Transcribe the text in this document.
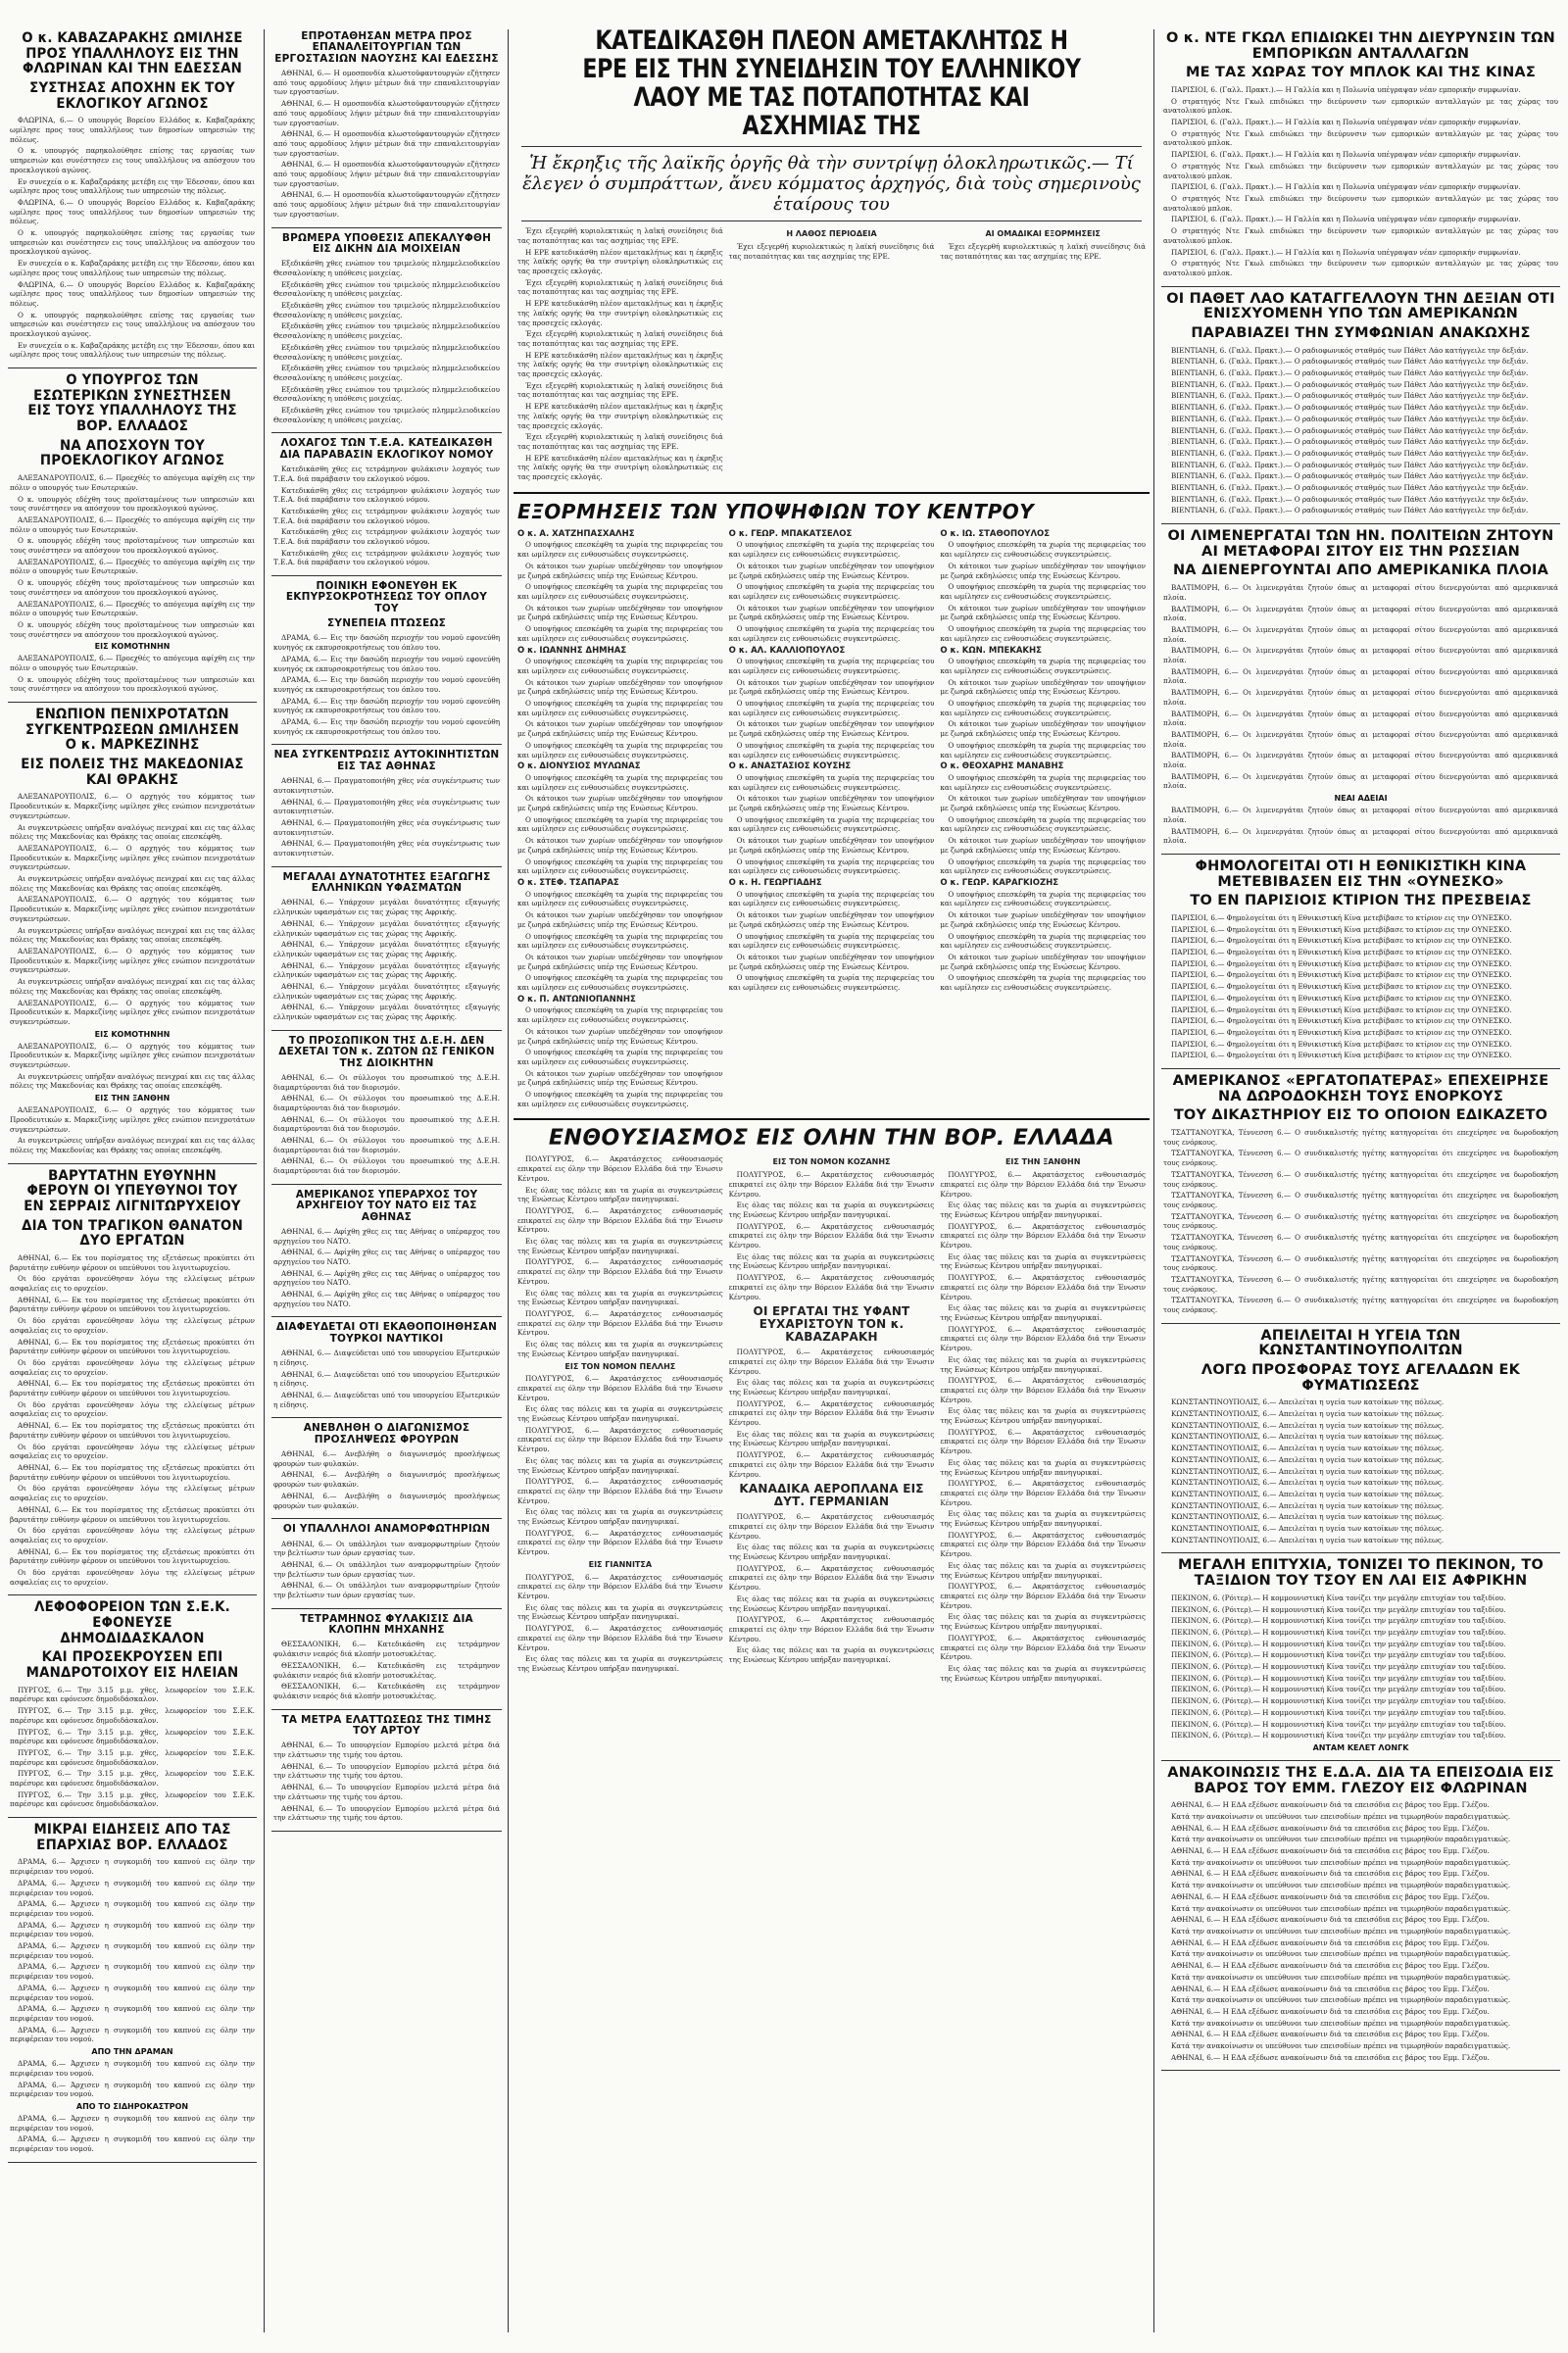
Ο κ. ΚΑΒΑΖΑΡΑΚΗΣ ΩΜΙΛΗΣΕ ΠΡΟΣ ΥΠΑΛΛΗΛΟΥΣ ΕΙΣ ΤΗΝ ΦΛΩΡΙΝΑΝ ΚΑΙ ΤΗΝ ΕΔΕΣΣΑΝ
ΣΥΣΤΗΣΑΣ ΑΠΟΧΗΝ ΕΚ ΤΟΥ ΕΚΛΟΓΙΚΟΥ ΑΓΩΝΟΣ

ΦΛΩΡΙΝΑ, 6.— Ο υπουργός Βορείου Ελλάδος κ. Καβαζαράκης ωμίλησε προς τους υπαλλήλους των δημοσίων υπηρεσιών της πόλεως.

Ο κ. υπουργός παρηκολούθησε επίσης τας εργασίας των υπηρεσιών και συνέστησεν εις τους υπαλλήλους να απόσχουν του προεκλογικού αγώνος.

Εν συνεχεία ο κ. Καβαζαράκης μετέβη εις την Έδεσσαν, όπου και ωμίλησε προς τους υπαλλήλους των υπηρεσιών της πόλεως.

ΦΛΩΡΙΝΑ, 6.— Ο υπουργός Βορείου Ελλάδος κ. Καβαζαράκης ωμίλησε προς τους υπαλλήλους των δημοσίων υπηρεσιών της πόλεως.

Ο κ. υπουργός παρηκολούθησε επίσης τας εργασίας των υπηρεσιών και συνέστησεν εις τους υπαλλήλους να απόσχουν του προεκλογικού αγώνος.

Εν συνεχεία ο κ. Καβαζαράκης μετέβη εις την Έδεσσαν, όπου και ωμίλησε προς τους υπαλλήλους των υπηρεσιών της πόλεως.

ΦΛΩΡΙΝΑ, 6.— Ο υπουργός Βορείου Ελλάδος κ. Καβαζαράκης ωμίλησε προς τους υπαλλήλους των δημοσίων υπηρεσιών της πόλεως.

Ο κ. υπουργός παρηκολούθησε επίσης τας εργασίας των υπηρεσιών και συνέστησεν εις τους υπαλλήλους να απόσχουν του προεκλογικού αγώνος.

Εν συνεχεία ο κ. Καβαζαράκης μετέβη εις την Έδεσσαν, όπου και ωμίλησε προς τους υπαλλήλους των υπηρεσιών της πόλεως.

Ο ΥΠΟΥΡΓΟΣ ΤΩΝ ΕΣΩΤΕΡΙΚΩΝ ΣΥΝΕΣΤΗΣΕΝ ΕΙΣ ΤΟΥΣ ΥΠΑΛΛΗΛΟΥΣ ΤΗΣ ΒΟΡ. ΕΛΛΑΔΟΣ
ΝΑ ΑΠΟΣΧΟΥΝ ΤΟΥ ΠΡΟΕΚΛΟΓΙΚΟΥ ΑΓΩΝΟΣ

ΑΛΕΞΑΝΔΡΟΥΠΟΛΙΣ, 6.— Προεχθές το απόγευμα αφίχθη εις την πόλιν ο υπουργός των Εσωτερικών.

Ο κ. υπουργός εδέχθη τους προϊσταμένους των υπηρεσιών και τους συνέστησεν να απόσχουν του προεκλογικού αγώνος.

ΑΛΕΞΑΝΔΡΟΥΠΟΛΙΣ, 6.— Προεχθές το απόγευμα αφίχθη εις την πόλιν ο υπουργός των Εσωτερικών.

Ο κ. υπουργός εδέχθη τους προϊσταμένους των υπηρεσιών και τους συνέστησεν να απόσχουν του προεκλογικού αγώνος.

ΑΛΕΞΑΝΔΡΟΥΠΟΛΙΣ, 6.— Προεχθές το απόγευμα αφίχθη εις την πόλιν ο υπουργός των Εσωτερικών.

Ο κ. υπουργός εδέχθη τους προϊσταμένους των υπηρεσιών και τους συνέστησεν να απόσχουν του προεκλογικού αγώνος.

ΑΛΕΞΑΝΔΡΟΥΠΟΛΙΣ, 6.— Προεχθές το απόγευμα αφίχθη εις την πόλιν ο υπουργός των Εσωτερικών.

Ο κ. υπουργός εδέχθη τους προϊσταμένους των υπηρεσιών και τους συνέστησεν να απόσχουν του προεκλογικού αγώνος.

ΕΙΣ ΚΟΜΟΤΗΝΗΝ

ΑΛΕΞΑΝΔΡΟΥΠΟΛΙΣ, 6.— Προεχθές το απόγευμα αφίχθη εις την πόλιν ο υπουργός των Εσωτερικών.

Ο κ. υπουργός εδέχθη τους προϊσταμένους των υπηρεσιών και τους συνέστησεν να απόσχουν του προεκλογικού αγώνος.

ΕΝΩΠΙΟΝ ΠΕΝΙΧΡΟΤΑΤΩΝ ΣΥΓΚΕΝΤΡΩΣΕΩΝ ΩΜΙΛΗΣΕΝ Ο κ. ΜΑΡΚΕΖΙΝΗΣ
ΕΙΣ ΠΟΛΕΙΣ ΤΗΣ ΜΑΚΕΔΟΝΙΑΣ ΚΑΙ ΘΡΑΚΗΣ

ΑΛΕΞΑΝΔΡΟΥΠΟΛΙΣ, 6.— Ο αρχηγός του κόμματος των Προοδευτικών κ. Μαρκεζίνης ωμίλησε χθες ενώπιον πενιχροτάτων συγκεντρώσεων.

Αι συγκεντρώσεις υπήρξαν αναλόγως πενιχραί και εις τας άλλας πόλεις της Μακεδονίας και Θράκης τας οποίας επεσκέφθη.

ΑΛΕΞΑΝΔΡΟΥΠΟΛΙΣ, 6.— Ο αρχηγός του κόμματος των Προοδευτικών κ. Μαρκεζίνης ωμίλησε χθες ενώπιον πενιχροτάτων συγκεντρώσεων.

Αι συγκεντρώσεις υπήρξαν αναλόγως πενιχραί και εις τας άλλας πόλεις της Μακεδονίας και Θράκης τας οποίας επεσκέφθη.

ΑΛΕΞΑΝΔΡΟΥΠΟΛΙΣ, 6.— Ο αρχηγός του κόμματος των Προοδευτικών κ. Μαρκεζίνης ωμίλησε χθες ενώπιον πενιχροτάτων συγκεντρώσεων.

Αι συγκεντρώσεις υπήρξαν αναλόγως πενιχραί και εις τας άλλας πόλεις της Μακεδονίας και Θράκης τας οποίας επεσκέφθη.

ΑΛΕΞΑΝΔΡΟΥΠΟΛΙΣ, 6.— Ο αρχηγός του κόμματος των Προοδευτικών κ. Μαρκεζίνης ωμίλησε χθες ενώπιον πενιχροτάτων συγκεντρώσεων.

Αι συγκεντρώσεις υπήρξαν αναλόγως πενιχραί και εις τας άλλας πόλεις της Μακεδονίας και Θράκης τας οποίας επεσκέφθη.

ΑΛΕΞΑΝΔΡΟΥΠΟΛΙΣ, 6.— Ο αρχηγός του κόμματος των Προοδευτικών κ. Μαρκεζίνης ωμίλησε χθες ενώπιον πενιχροτάτων συγκεντρώσεων.

ΕΙΣ ΚΟΜΟΤΗΝΗΝ

ΑΛΕΞΑΝΔΡΟΥΠΟΛΙΣ, 6.— Ο αρχηγός του κόμματος των Προοδευτικών κ. Μαρκεζίνης ωμίλησε χθες ενώπιον πενιχροτάτων συγκεντρώσεων.

Αι συγκεντρώσεις υπήρξαν αναλόγως πενιχραί και εις τας άλλας πόλεις της Μακεδονίας και Θράκης τας οποίας επεσκέφθη.

ΕΙΣ ΤΗΝ ΞΑΝΘΗΝ

ΑΛΕΞΑΝΔΡΟΥΠΟΛΙΣ, 6.— Ο αρχηγός του κόμματος των Προοδευτικών κ. Μαρκεζίνης ωμίλησε χθες ενώπιον πενιχροτάτων συγκεντρώσεων.

Αι συγκεντρώσεις υπήρξαν αναλόγως πενιχραί και εις τας άλλας πόλεις της Μακεδονίας και Θράκης τας οποίας επεσκέφθη.

ΒΑΡΥΤΑΤΗΝ ΕΥΘΥΝΗΝ ΦΕΡΟΥΝ ΟΙ ΥΠΕΥΘΥΝΟΙ ΤΟΥ ΕΝ ΣΕΡΡΑΙΣ ΛΙΓΝΙΤΩΡΥΧΕΙΟΥ
ΔΙΑ ΤΟΝ ΤΡΑΓΙΚΟΝ ΘΑΝΑΤΟΝ ΔΥΟ ΕΡΓΑΤΩΝ

ΑΘΗΝΑΙ, 6.— Εκ του πορίσματος της εξετάσεως προκύπτει ότι βαρυτάτην ευθύνην φέρουν οι υπεύθυνοι του λιγνιτωρυχείου.

Οι δύο εργάται εφονεύθησαν λόγω της ελλείψεως μέτρων ασφαλείας εις το ορυχείον.

ΑΘΗΝΑΙ, 6.— Εκ του πορίσματος της εξετάσεως προκύπτει ότι βαρυτάτην ευθύνην φέρουν οι υπεύθυνοι του λιγνιτωρυχείου.

Οι δύο εργάται εφονεύθησαν λόγω της ελλείψεως μέτρων ασφαλείας εις το ορυχείον.

ΑΘΗΝΑΙ, 6.— Εκ του πορίσματος της εξετάσεως προκύπτει ότι βαρυτάτην ευθύνην φέρουν οι υπεύθυνοι του λιγνιτωρυχείου.

Οι δύο εργάται εφονεύθησαν λόγω της ελλείψεως μέτρων ασφαλείας εις το ορυχείον.

ΑΘΗΝΑΙ, 6.— Εκ του πορίσματος της εξετάσεως προκύπτει ότι βαρυτάτην ευθύνην φέρουν οι υπεύθυνοι του λιγνιτωρυχείου.

Οι δύο εργάται εφονεύθησαν λόγω της ελλείψεως μέτρων ασφαλείας εις το ορυχείον.

ΑΘΗΝΑΙ, 6.— Εκ του πορίσματος της εξετάσεως προκύπτει ότι βαρυτάτην ευθύνην φέρουν οι υπεύθυνοι του λιγνιτωρυχείου.

Οι δύο εργάται εφονεύθησαν λόγω της ελλείψεως μέτρων ασφαλείας εις το ορυχείον.

ΑΘΗΝΑΙ, 6.— Εκ του πορίσματος της εξετάσεως προκύπτει ότι βαρυτάτην ευθύνην φέρουν οι υπεύθυνοι του λιγνιτωρυχείου.

Οι δύο εργάται εφονεύθησαν λόγω της ελλείψεως μέτρων ασφαλείας εις το ορυχείον.

ΑΘΗΝΑΙ, 6.— Εκ του πορίσματος της εξετάσεως προκύπτει ότι βαρυτάτην ευθύνην φέρουν οι υπεύθυνοι του λιγνιτωρυχείου.

Οι δύο εργάται εφονεύθησαν λόγω της ελλείψεως μέτρων ασφαλείας εις το ορυχείον.

ΑΘΗΝΑΙ, 6.— Εκ του πορίσματος της εξετάσεως προκύπτει ότι βαρυτάτην ευθύνην φέρουν οι υπεύθυνοι του λιγνιτωρυχείου.

Οι δύο εργάται εφονεύθησαν λόγω της ελλείψεως μέτρων ασφαλείας εις το ορυχείον.

ΛΕΦΟΦΟΡΕΙΟΝ ΤΩΝ Σ.Ε.Κ. ΕΦΟΝΕΥΣΕ ΔΗΜΟΔΙΔΑΣΚΑΛΟΝ
ΚΑΙ ΠΡΟΣΕΚΡΟΥΣΕΝ ΕΠΙ ΜΑΝΔΡΟΤΟΙΧΟΥ ΕΙΣ ΗΛΕΙΑΝ

ΠΥΡΓΟΣ, 6.— Την 3.15 μ.μ. χθες, λεωφορείον του Σ.Ε.Κ. παρέσυρε και εφόνευσε δημοδιδάσκαλον.

ΠΥΡΓΟΣ, 6.— Την 3.15 μ.μ. χθες, λεωφορείον του Σ.Ε.Κ. παρέσυρε και εφόνευσε δημοδιδάσκαλον.

ΠΥΡΓΟΣ, 6.— Την 3.15 μ.μ. χθες, λεωφορείον του Σ.Ε.Κ. παρέσυρε και εφόνευσε δημοδιδάσκαλον.

ΠΥΡΓΟΣ, 6.— Την 3.15 μ.μ. χθες, λεωφορείον του Σ.Ε.Κ. παρέσυρε και εφόνευσε δημοδιδάσκαλον.

ΠΥΡΓΟΣ, 6.— Την 3.15 μ.μ. χθες, λεωφορείον του Σ.Ε.Κ. παρέσυρε και εφόνευσε δημοδιδάσκαλον.

ΠΥΡΓΟΣ, 6.— Την 3.15 μ.μ. χθες, λεωφορείον του Σ.Ε.Κ. παρέσυρε και εφόνευσε δημοδιδάσκαλον.

ΜΙΚΡΑΙ ΕΙΔΗΣΕΙΣ ΑΠΟ ΤΑΣ ΕΠΑΡΧΙΑΣ ΒΟΡ. ΕΛΛΑΔΟΣ

ΔΡΑΜΑ, 6.— Άρχισεν η συγκομιδή του καπνού εις όλην την περιφέρειαν του νομού.

ΔΡΑΜΑ, 6.— Άρχισεν η συγκομιδή του καπνού εις όλην την περιφέρειαν του νομού.

ΔΡΑΜΑ, 6.— Άρχισεν η συγκομιδή του καπνού εις όλην την περιφέρειαν του νομού.

ΔΡΑΜΑ, 6.— Άρχισεν η συγκομιδή του καπνού εις όλην την περιφέρειαν του νομού.

ΔΡΑΜΑ, 6.— Άρχισεν η συγκομιδή του καπνού εις όλην την περιφέρειαν του νομού.

ΔΡΑΜΑ, 6.— Άρχισεν η συγκομιδή του καπνού εις όλην την περιφέρειαν του νομού.

ΔΡΑΜΑ, 6.— Άρχισεν η συγκομιδή του καπνού εις όλην την περιφέρειαν του νομού.

ΔΡΑΜΑ, 6.— Άρχισεν η συγκομιδή του καπνού εις όλην την περιφέρειαν του νομού.

ΔΡΑΜΑ, 6.— Άρχισεν η συγκομιδή του καπνού εις όλην την περιφέρειαν του νομού.

ΑΠΟ ΤΗΝ ΔΡΑΜΑΝ

ΔΡΑΜΑ, 6.— Άρχισεν η συγκομιδή του καπνού εις όλην την περιφέρειαν του νομού.

ΔΡΑΜΑ, 6.— Άρχισεν η συγκομιδή του καπνού εις όλην την περιφέρειαν του νομού.

ΑΠΟ ΤΟ ΣΙΔΗΡΟΚΑΣΤΡΟΝ

ΔΡΑΜΑ, 6.— Άρχισεν η συγκομιδή του καπνού εις όλην την περιφέρειαν του νομού.

ΔΡΑΜΑ, 6.— Άρχισεν η συγκομιδή του καπνού εις όλην την περιφέρειαν του νομού.

ΕΠΡΟΤΑΘΗΣΑΝ ΜΕΤΡΑ ΠΡΟΣ ΕΠΑΝΑΛΕΙΤΟΥΡΓΙΑΝ ΤΩΝ ΕΡΓΟΣΤΑΣΙΩΝ ΝΑΟΥΣΗΣ ΚΑΙ ΕΔΕΣΣΗΣ

ΑΘΗΝΑΙ, 6.— Η ομοσπονδία κλωστοϋφαντουργών εζήτησεν από τους αρμοδίους λήψιν μέτρων διά την επαναλειτουργίαν των εργοστασίων.

ΑΘΗΝΑΙ, 6.— Η ομοσπονδία κλωστοϋφαντουργών εζήτησεν από τους αρμοδίους λήψιν μέτρων διά την επαναλειτουργίαν των εργοστασίων.

ΑΘΗΝΑΙ, 6.— Η ομοσπονδία κλωστοϋφαντουργών εζήτησεν από τους αρμοδίους λήψιν μέτρων διά την επαναλειτουργίαν των εργοστασίων.

ΑΘΗΝΑΙ, 6.— Η ομοσπονδία κλωστοϋφαντουργών εζήτησεν από τους αρμοδίους λήψιν μέτρων διά την επαναλειτουργίαν των εργοστασίων.

ΑΘΗΝΑΙ, 6.— Η ομοσπονδία κλωστοϋφαντουργών εζήτησεν από τους αρμοδίους λήψιν μέτρων διά την επαναλειτουργίαν των εργοστασίων.

ΒΡΩΜΕΡΑ ΥΠΟΘΕΣΙΣ ΑΠΕΚΑΛΥΦΘΗ ΕΙΣ ΔΙΚΗΝ ΔΙΑ ΜΟΙΧΕΙΑΝ

Εξεδικάσθη χθες ενώπιον του τριμελούς πλημμελειοδικείου Θεσσαλονίκης η υπόθεσις μοιχείας.

Εξεδικάσθη χθες ενώπιον του τριμελούς πλημμελειοδικείου Θεσσαλονίκης η υπόθεσις μοιχείας.

Εξεδικάσθη χθες ενώπιον του τριμελούς πλημμελειοδικείου Θεσσαλονίκης η υπόθεσις μοιχείας.

Εξεδικάσθη χθες ενώπιον του τριμελούς πλημμελειοδικείου Θεσσαλονίκης η υπόθεσις μοιχείας.

Εξεδικάσθη χθες ενώπιον του τριμελούς πλημμελειοδικείου Θεσσαλονίκης η υπόθεσις μοιχείας.

Εξεδικάσθη χθες ενώπιον του τριμελούς πλημμελειοδικείου Θεσσαλονίκης η υπόθεσις μοιχείας.

Εξεδικάσθη χθες ενώπιον του τριμελούς πλημμελειοδικείου Θεσσαλονίκης η υπόθεσις μοιχείας.

Εξεδικάσθη χθες ενώπιον του τριμελούς πλημμελειοδικείου Θεσσαλονίκης η υπόθεσις μοιχείας.

ΛΟΧΑΓΟΣ ΤΩΝ Τ.Ε.Α. ΚΑΤΕΔΙΚΑΣΘΗ ΔΙΑ ΠΑΡΑΒΑΣΙΝ ΕΚΛΟΓΙΚΟΥ ΝΟΜΟΥ

Κατεδικάσθη χθες εις τετράμηνον φυλάκισιν λοχαγός των Τ.Ε.Α. διά παράβασιν του εκλογικού νόμου.

Κατεδικάσθη χθες εις τετράμηνον φυλάκισιν λοχαγός των Τ.Ε.Α. διά παράβασιν του εκλογικού νόμου.

Κατεδικάσθη χθες εις τετράμηνον φυλάκισιν λοχαγός των Τ.Ε.Α. διά παράβασιν του εκλογικού νόμου.

Κατεδικάσθη χθες εις τετράμηνον φυλάκισιν λοχαγός των Τ.Ε.Α. διά παράβασιν του εκλογικού νόμου.

Κατεδικάσθη χθες εις τετράμηνον φυλάκισιν λοχαγός των Τ.Ε.Α. διά παράβασιν του εκλογικού νόμου.

ΠΟΙΝΙΚΗ ΕΦΟΝΕΥΘΗ ΕΚ ΕΚΠΥΡΣΟΚΡΟΤΗΣΕΩΣ ΤΟΥ ΟΠΛΟΥ ΤΟΥ
ΣΥΝΕΠΕΙΑ ΠΤΩΣΕΩΣ

ΔΡΑΜΑ, 6.— Εις την δασώδη περιοχήν του νομού εφονεύθη κυνηγός εκ εκπυρσοκροτήσεως του όπλου του.

ΔΡΑΜΑ, 6.— Εις την δασώδη περιοχήν του νομού εφονεύθη κυνηγός εκ εκπυρσοκροτήσεως του όπλου του.

ΔΡΑΜΑ, 6.— Εις την δασώδη περιοχήν του νομού εφονεύθη κυνηγός εκ εκπυρσοκροτήσεως του όπλου του.

ΔΡΑΜΑ, 6.— Εις την δασώδη περιοχήν του νομού εφονεύθη κυνηγός εκ εκπυρσοκροτήσεως του όπλου του.

ΔΡΑΜΑ, 6.— Εις την δασώδη περιοχήν του νομού εφονεύθη κυνηγός εκ εκπυρσοκροτήσεως του όπλου του.

ΝΕΑ ΣΥΓΚΕΝΤΡΩΣΙΣ ΑΥΤΟΚΙΝΗΤΙΣΤΩΝ ΕΙΣ ΤΑΣ ΑΘΗΝΑΣ

ΑΘΗΝΑΙ, 6.— Πραγματοποιήθη χθες νέα συγκέντρωσις των αυτοκινητιστών.

ΑΘΗΝΑΙ, 6.— Πραγματοποιήθη χθες νέα συγκέντρωσις των αυτοκινητιστών.

ΑΘΗΝΑΙ, 6.— Πραγματοποιήθη χθες νέα συγκέντρωσις των αυτοκινητιστών.

ΑΘΗΝΑΙ, 6.— Πραγματοποιήθη χθες νέα συγκέντρωσις των αυτοκινητιστών.

ΜΕΓΑΛΑΙ ΔΥΝΑΤΟΤΗΤΕΣ ΕΞΑΓΩΓΗΣ ΕΛΛΗΝΙΚΩΝ ΥΦΑΣΜΑΤΩΝ

ΑΘΗΝΑΙ, 6.— Υπάρχουν μεγάλαι δυνατότητες εξαγωγής ελληνικών υφασμάτων εις τας χώρας της Αφρικής.

ΑΘΗΝΑΙ, 6.— Υπάρχουν μεγάλαι δυνατότητες εξαγωγής ελληνικών υφασμάτων εις τας χώρας της Αφρικής.

ΑΘΗΝΑΙ, 6.— Υπάρχουν μεγάλαι δυνατότητες εξαγωγής ελληνικών υφασμάτων εις τας χώρας της Αφρικής.

ΑΘΗΝΑΙ, 6.— Υπάρχουν μεγάλαι δυνατότητες εξαγωγής ελληνικών υφασμάτων εις τας χώρας της Αφρικής.

ΑΘΗΝΑΙ, 6.— Υπάρχουν μεγάλαι δυνατότητες εξαγωγής ελληνικών υφασμάτων εις τας χώρας της Αφρικής.

ΑΘΗΝΑΙ, 6.— Υπάρχουν μεγάλαι δυνατότητες εξαγωγής ελληνικών υφασμάτων εις τας χώρας της Αφρικής.

ΤΟ ΠΡΟΣΩΠΙΚΟΝ ΤΗΣ Δ.Ε.Η. ΔΕΝ ΔΕΧΕΤΑΙ ΤΟΝ κ. ΖΩΤΟΝ ΩΣ ΓΕΝΙΚΟΝ ΤΗΣ ΔΙΟΙΚΗΤΗΝ

ΑΘΗΝΑΙ, 6.— Οι σύλλογοι του προσωπικού της Δ.Ε.Η. διαμαρτύρονται διά τον διορισμόν.

ΑΘΗΝΑΙ, 6.— Οι σύλλογοι του προσωπικού της Δ.Ε.Η. διαμαρτύρονται διά τον διορισμόν.

ΑΘΗΝΑΙ, 6.— Οι σύλλογοι του προσωπικού της Δ.Ε.Η. διαμαρτύρονται διά τον διορισμόν.

ΑΘΗΝΑΙ, 6.— Οι σύλλογοι του προσωπικού της Δ.Ε.Η. διαμαρτύρονται διά τον διορισμόν.

ΑΘΗΝΑΙ, 6.— Οι σύλλογοι του προσωπικού της Δ.Ε.Η. διαμαρτύρονται διά τον διορισμόν.

ΑΜΕΡΙΚΑΝΟΣ ΥΠΕΡΑΡΧΟΣ ΤΟΥ ΑΡΧΗΓΕΙΟΥ ΤΟΥ ΝΑΤΟ ΕΙΣ ΤΑΣ ΑΘΗΝΑΣ

ΑΘΗΝΑΙ, 6.— Αφίχθη χθες εις τας Αθήνας ο υπέραρχος του αρχηγείου του ΝΑΤΟ.

ΑΘΗΝΑΙ, 6.— Αφίχθη χθες εις τας Αθήνας ο υπέραρχος του αρχηγείου του ΝΑΤΟ.

ΑΘΗΝΑΙ, 6.— Αφίχθη χθες εις τας Αθήνας ο υπέραρχος του αρχηγείου του ΝΑΤΟ.

ΑΘΗΝΑΙ, 6.— Αφίχθη χθες εις τας Αθήνας ο υπέραρχος του αρχηγείου του ΝΑΤΟ.

ΔΙΑΦΕΥΔΕΤΑΙ ΟΤΙ ΕΚΑΘΟΠΟΙΗΘΗΣΑΝ ΤΟΥΡΚΟΙ ΝΑΥΤΙΚΟΙ

ΑΘΗΝΑΙ, 6.— Διαψεύδεται υπό του υπουργείου Εξωτερικών η είδησις.

ΑΘΗΝΑΙ, 6.— Διαψεύδεται υπό του υπουργείου Εξωτερικών η είδησις.

ΑΘΗΝΑΙ, 6.— Διαψεύδεται υπό του υπουργείου Εξωτερικών η είδησις.

ΑΝΕΒΛΗΘΗ Ο ΔΙΑΓΩΝΙΣΜΟΣ ΠΡΟΣΛΗΨΕΩΣ ΦΡΟΥΡΩΝ

ΑΘΗΝΑΙ, 6.— Ανεβλήθη ο διαγωνισμός προσλήψεως φρουρών των φυλακών.

ΑΘΗΝΑΙ, 6.— Ανεβλήθη ο διαγωνισμός προσλήψεως φρουρών των φυλακών.

ΑΘΗΝΑΙ, 6.— Ανεβλήθη ο διαγωνισμός προσλήψεως φρουρών των φυλακών.

ΟΙ ΥΠΑΛΛΗΛΟΙ ΑΝΑΜΟΡΦΩΤΗΡΙΩΝ

ΑΘΗΝΑΙ, 6.— Οι υπάλληλοι των αναμορφωτηρίων ζητούν την βελτίωσιν των όρων εργασίας των.

ΑΘΗΝΑΙ, 6.— Οι υπάλληλοι των αναμορφωτηρίων ζητούν την βελτίωσιν των όρων εργασίας των.

ΑΘΗΝΑΙ, 6.— Οι υπάλληλοι των αναμορφωτηρίων ζητούν την βελτίωσιν των όρων εργασίας των.

ΤΕΤΡΑΜΗΝΟΣ ΦΥΛΑΚΙΣΙΣ ΔΙΑ ΚΛΟΠΗΝ ΜΗΧΑΝΗΣ

ΘΕΣΣΑΛΟΝΙΚΗ, 6.— Κατεδικάσθη εις τετράμηνον φυλάκισιν νεαρός διά κλοπήν μοτοσυκλέτας.

ΘΕΣΣΑΛΟΝΙΚΗ, 6.— Κατεδικάσθη εις τετράμηνον φυλάκισιν νεαρός διά κλοπήν μοτοσυκλέτας.

ΘΕΣΣΑΛΟΝΙΚΗ, 6.— Κατεδικάσθη εις τετράμηνον φυλάκισιν νεαρός διά κλοπήν μοτοσυκλέτας.

ΤΑ ΜΕΤΡΑ ΕΛΑΤΤΩΣΕΩΣ ΤΗΣ ΤΙΜΗΣ ΤΟΥ ΑΡΤΟΥ

ΑΘΗΝΑΙ, 6.— Το υπουργείον Εμπορίου μελετά μέτρα διά την ελάττωσιν της τιμής του άρτου.

ΑΘΗΝΑΙ, 6.— Το υπουργείον Εμπορίου μελετά μέτρα διά την ελάττωσιν της τιμής του άρτου.

ΑΘΗΝΑΙ, 6.— Το υπουργείον Εμπορίου μελετά μέτρα διά την ελάττωσιν της τιμής του άρτου.

ΑΘΗΝΑΙ, 6.— Το υπουργείον Εμπορίου μελετά μέτρα διά την ελάττωσιν της τιμής του άρτου.

ΚΑΤΕΔΙΚΑΣΘΗ ΠΛΕΟΝ ΑΜΕΤΑΚΛΗΤΩΣ Η ΕΡΕ ΕΙΣ ΤΗΝ ΣΥΝΕΙΔΗΣΙΝ ΤΟΥ ΕΛΛΗΝΙΚΟΥ ΛΑΟΥ ΜΕ ΤΑΣ ΠΟΤΑΠΟΤΗΤΑΣ ΚΑΙ ΑΣΧΗΜΙΑΣ ΤΗΣ
Ἡ ἔκρηξις τῆς λαϊκῆς ὀργῆς θὰ τὴν συντρίψῃ ὁλοκληρωτικῶς.— Τί ἔλεγεν ὁ συμπράττων, ἄνευ κόμματος ἀρχηγός, διὰ τοὺς σημερινοὺς ἑταίρους του

Έχει εξεγερθή κυριολεκτικώς η λαϊκή συνείδησις διά τας ποταπότητας και τας ασχημίας της ΕΡΕ.

Η ΕΡΕ κατεδικάσθη πλέον αμετακλήτως και η έκρηξις της λαϊκής οργής θα την συντρίψη ολοκληρωτικώς εις τας προσεχείς εκλογάς.

Έχει εξεγερθή κυριολεκτικώς η λαϊκή συνείδησις διά τας ποταπότητας και τας ασχημίας της ΕΡΕ.

Η ΕΡΕ κατεδικάσθη πλέον αμετακλήτως και η έκρηξις της λαϊκής οργής θα την συντρίψη ολοκληρωτικώς εις τας προσεχείς εκλογάς.

Έχει εξεγερθή κυριολεκτικώς η λαϊκή συνείδησις διά τας ποταπότητας και τας ασχημίας της ΕΡΕ.

Η ΕΡΕ κατεδικάσθη πλέον αμετακλήτως και η έκρηξις της λαϊκής οργής θα την συντρίψη ολοκληρωτικώς εις τας προσεχείς εκλογάς.

Έχει εξεγερθή κυριολεκτικώς η λαϊκή συνείδησις διά τας ποταπότητας και τας ασχημίας της ΕΡΕ.

Η ΕΡΕ κατεδικάσθη πλέον αμετακλήτως και η έκρηξις της λαϊκής οργής θα την συντρίψη ολοκληρωτικώς εις τας προσεχείς εκλογάς.

Έχει εξεγερθή κυριολεκτικώς η λαϊκή συνείδησις διά τας ποταπότητας και τας ασχημίας της ΕΡΕ.

Η ΕΡΕ κατεδικάσθη πλέον αμετακλήτως και η έκρηξις της λαϊκής οργής θα την συντρίψη ολοκληρωτικώς εις τας προσεχείς εκλογάς.

Η ΛΑΘΟΣ ΠΕΡΙΟΔΕΙΑ

Έχει εξεγερθή κυριολεκτικώς η λαϊκή συνείδησις διά τας ποταπότητας και τας ασχημίας της ΕΡΕ.

ΑΙ ΟΜΑΔΙΚΑΙ ΕΞΟΡΜΗΣΕΙΣ

Έχει εξεγερθή κυριολεκτικώς η λαϊκή συνείδησις διά τας ποταπότητας και τας ασχημίας της ΕΡΕ.

ΕΞΟΡΜΗΣΕΙΣ ΤΩΝ ΥΠΟΨΗΦΙΩΝ ΤΟΥ ΚΕΝΤΡΟΥ
Ο κ. Α. ΧΑΤΖΗΠΑΣΧΑΛΗΣ

Ο υποψήφιος επεσκέφθη τα χωρία της περιφερείας του και ωμίλησεν εις ενθουσιώδεις συγκεντρώσεις.

Οι κάτοικοι των χωρίων υπεδέχθησαν τον υποψήφιον με ζωηρά εκδηλώσεις υπέρ της Ενώσεως Κέντρου.

Ο υποψήφιος επεσκέφθη τα χωρία της περιφερείας του και ωμίλησεν εις ενθουσιώδεις συγκεντρώσεις.

Οι κάτοικοι των χωρίων υπεδέχθησαν τον υποψήφιον με ζωηρά εκδηλώσεις υπέρ της Ενώσεως Κέντρου.

Ο υποψήφιος επεσκέφθη τα χωρία της περιφερείας του και ωμίλησεν εις ενθουσιώδεις συγκεντρώσεις.

Ο κ. ΙΩΑΝΝΗΣ ΔΗΜΗΑΣ

Ο υποψήφιος επεσκέφθη τα χωρία της περιφερείας του και ωμίλησεν εις ενθουσιώδεις συγκεντρώσεις.

Οι κάτοικοι των χωρίων υπεδέχθησαν τον υποψήφιον με ζωηρά εκδηλώσεις υπέρ της Ενώσεως Κέντρου.

Ο υποψήφιος επεσκέφθη τα χωρία της περιφερείας του και ωμίλησεν εις ενθουσιώδεις συγκεντρώσεις.

Οι κάτοικοι των χωρίων υπεδέχθησαν τον υποψήφιον με ζωηρά εκδηλώσεις υπέρ της Ενώσεως Κέντρου.

Ο υποψήφιος επεσκέφθη τα χωρία της περιφερείας του και ωμίλησεν εις ενθουσιώδεις συγκεντρώσεις.

Ο κ. ΔΙΟΝΥΣΙΟΣ ΜΥΛΩΝΑΣ

Ο υποψήφιος επεσκέφθη τα χωρία της περιφερείας του και ωμίλησεν εις ενθουσιώδεις συγκεντρώσεις.

Οι κάτοικοι των χωρίων υπεδέχθησαν τον υποψήφιον με ζωηρά εκδηλώσεις υπέρ της Ενώσεως Κέντρου.

Ο υποψήφιος επεσκέφθη τα χωρία της περιφερείας του και ωμίλησεν εις ενθουσιώδεις συγκεντρώσεις.

Οι κάτοικοι των χωρίων υπεδέχθησαν τον υποψήφιον με ζωηρά εκδηλώσεις υπέρ της Ενώσεως Κέντρου.

Ο υποψήφιος επεσκέφθη τα χωρία της περιφερείας του και ωμίλησεν εις ενθουσιώδεις συγκεντρώσεις.

Ο κ. ΣΤΕΦ. ΤΣΑΠΑΡΑΣ

Ο υποψήφιος επεσκέφθη τα χωρία της περιφερείας του και ωμίλησεν εις ενθουσιώδεις συγκεντρώσεις.

Οι κάτοικοι των χωρίων υπεδέχθησαν τον υποψήφιον με ζωηρά εκδηλώσεις υπέρ της Ενώσεως Κέντρου.

Ο υποψήφιος επεσκέφθη τα χωρία της περιφερείας του και ωμίλησεν εις ενθουσιώδεις συγκεντρώσεις.

Οι κάτοικοι των χωρίων υπεδέχθησαν τον υποψήφιον με ζωηρά εκδηλώσεις υπέρ της Ενώσεως Κέντρου.

Ο υποψήφιος επεσκέφθη τα χωρία της περιφερείας του και ωμίλησεν εις ενθουσιώδεις συγκεντρώσεις.

Ο κ. Π. ΑΝΤΩΝΙΟΠΑΝΝΗΣ

Ο υποψήφιος επεσκέφθη τα χωρία της περιφερείας του και ωμίλησεν εις ενθουσιώδεις συγκεντρώσεις.

Οι κάτοικοι των χωρίων υπεδέχθησαν τον υποψήφιον με ζωηρά εκδηλώσεις υπέρ της Ενώσεως Κέντρου.

Ο υποψήφιος επεσκέφθη τα χωρία της περιφερείας του και ωμίλησεν εις ενθουσιώδεις συγκεντρώσεις.

Οι κάτοικοι των χωρίων υπεδέχθησαν τον υποψήφιον με ζωηρά εκδηλώσεις υπέρ της Ενώσεως Κέντρου.

Ο υποψήφιος επεσκέφθη τα χωρία της περιφερείας του και ωμίλησεν εις ενθουσιώδεις συγκεντρώσεις.

Ο κ. ΓΕΩΡ. ΜΠΑΚΑΤΣΕΛΟΣ

Ο υποψήφιος επεσκέφθη τα χωρία της περιφερείας του και ωμίλησεν εις ενθουσιώδεις συγκεντρώσεις.

Οι κάτοικοι των χωρίων υπεδέχθησαν τον υποψήφιον με ζωηρά εκδηλώσεις υπέρ της Ενώσεως Κέντρου.

Ο υποψήφιος επεσκέφθη τα χωρία της περιφερείας του και ωμίλησεν εις ενθουσιώδεις συγκεντρώσεις.

Οι κάτοικοι των χωρίων υπεδέχθησαν τον υποψήφιον με ζωηρά εκδηλώσεις υπέρ της Ενώσεως Κέντρου.

Ο υποψήφιος επεσκέφθη τα χωρία της περιφερείας του και ωμίλησεν εις ενθουσιώδεις συγκεντρώσεις.

Ο κ. ΑΛ. ΚΑΛΛΙΟΠΟΥΛΟΣ

Ο υποψήφιος επεσκέφθη τα χωρία της περιφερείας του και ωμίλησεν εις ενθουσιώδεις συγκεντρώσεις.

Οι κάτοικοι των χωρίων υπεδέχθησαν τον υποψήφιον με ζωηρά εκδηλώσεις υπέρ της Ενώσεως Κέντρου.

Ο υποψήφιος επεσκέφθη τα χωρία της περιφερείας του και ωμίλησεν εις ενθουσιώδεις συγκεντρώσεις.

Οι κάτοικοι των χωρίων υπεδέχθησαν τον υποψήφιον με ζωηρά εκδηλώσεις υπέρ της Ενώσεως Κέντρου.

Ο υποψήφιος επεσκέφθη τα χωρία της περιφερείας του και ωμίλησεν εις ενθουσιώδεις συγκεντρώσεις.

Ο κ. ΑΝΑΣΤΑΣΙΟΣ ΚΟΥΣΗΣ

Ο υποψήφιος επεσκέφθη τα χωρία της περιφερείας του και ωμίλησεν εις ενθουσιώδεις συγκεντρώσεις.

Οι κάτοικοι των χωρίων υπεδέχθησαν τον υποψήφιον με ζωηρά εκδηλώσεις υπέρ της Ενώσεως Κέντρου.

Ο υποψήφιος επεσκέφθη τα χωρία της περιφερείας του και ωμίλησεν εις ενθουσιώδεις συγκεντρώσεις.

Οι κάτοικοι των χωρίων υπεδέχθησαν τον υποψήφιον με ζωηρά εκδηλώσεις υπέρ της Ενώσεως Κέντρου.

Ο υποψήφιος επεσκέφθη τα χωρία της περιφερείας του και ωμίλησεν εις ενθουσιώδεις συγκεντρώσεις.

Ο κ. Η. ΓΕΩΡΓΙΑΔΗΣ

Ο υποψήφιος επεσκέφθη τα χωρία της περιφερείας του και ωμίλησεν εις ενθουσιώδεις συγκεντρώσεις.

Οι κάτοικοι των χωρίων υπεδέχθησαν τον υποψήφιον με ζωηρά εκδηλώσεις υπέρ της Ενώσεως Κέντρου.

Ο υποψήφιος επεσκέφθη τα χωρία της περιφερείας του και ωμίλησεν εις ενθουσιώδεις συγκεντρώσεις.

Οι κάτοικοι των χωρίων υπεδέχθησαν τον υποψήφιον με ζωηρά εκδηλώσεις υπέρ της Ενώσεως Κέντρου.

Ο υποψήφιος επεσκέφθη τα χωρία της περιφερείας του και ωμίλησεν εις ενθουσιώδεις συγκεντρώσεις.

Ο κ. ΙΩ. ΣΤΑΘΟΠΟΥΛΟΣ

Ο υποψήφιος επεσκέφθη τα χωρία της περιφερείας του και ωμίλησεν εις ενθουσιώδεις συγκεντρώσεις.

Οι κάτοικοι των χωρίων υπεδέχθησαν τον υποψήφιον με ζωηρά εκδηλώσεις υπέρ της Ενώσεως Κέντρου.

Ο υποψήφιος επεσκέφθη τα χωρία της περιφερείας του και ωμίλησεν εις ενθουσιώδεις συγκεντρώσεις.

Οι κάτοικοι των χωρίων υπεδέχθησαν τον υποψήφιον με ζωηρά εκδηλώσεις υπέρ της Ενώσεως Κέντρου.

Ο υποψήφιος επεσκέφθη τα χωρία της περιφερείας του και ωμίλησεν εις ενθουσιώδεις συγκεντρώσεις.

Ο κ. ΚΩΝ. ΜΠΕΚΑΚΗΣ

Ο υποψήφιος επεσκέφθη τα χωρία της περιφερείας του και ωμίλησεν εις ενθουσιώδεις συγκεντρώσεις.

Οι κάτοικοι των χωρίων υπεδέχθησαν τον υποψήφιον με ζωηρά εκδηλώσεις υπέρ της Ενώσεως Κέντρου.

Ο υποψήφιος επεσκέφθη τα χωρία της περιφερείας του και ωμίλησεν εις ενθουσιώδεις συγκεντρώσεις.

Οι κάτοικοι των χωρίων υπεδέχθησαν τον υποψήφιον με ζωηρά εκδηλώσεις υπέρ της Ενώσεως Κέντρου.

Ο υποψήφιος επεσκέφθη τα χωρία της περιφερείας του και ωμίλησεν εις ενθουσιώδεις συγκεντρώσεις.

Ο κ. ΘΕΟΧΑΡΗΣ ΜΑΝΑΒΗΣ

Ο υποψήφιος επεσκέφθη τα χωρία της περιφερείας του και ωμίλησεν εις ενθουσιώδεις συγκεντρώσεις.

Οι κάτοικοι των χωρίων υπεδέχθησαν τον υποψήφιον με ζωηρά εκδηλώσεις υπέρ της Ενώσεως Κέντρου.

Ο υποψήφιος επεσκέφθη τα χωρία της περιφερείας του και ωμίλησεν εις ενθουσιώδεις συγκεντρώσεις.

Οι κάτοικοι των χωρίων υπεδέχθησαν τον υποψήφιον με ζωηρά εκδηλώσεις υπέρ της Ενώσεως Κέντρου.

Ο υποψήφιος επεσκέφθη τα χωρία της περιφερείας του και ωμίλησεν εις ενθουσιώδεις συγκεντρώσεις.

Ο κ. ΓΕΩΡ. ΚΑΡΑΓΚΙΟΖΗΣ

Ο υποψήφιος επεσκέφθη τα χωρία της περιφερείας του και ωμίλησεν εις ενθουσιώδεις συγκεντρώσεις.

Οι κάτοικοι των χωρίων υπεδέχθησαν τον υποψήφιον με ζωηρά εκδηλώσεις υπέρ της Ενώσεως Κέντρου.

Ο υποψήφιος επεσκέφθη τα χωρία της περιφερείας του και ωμίλησεν εις ενθουσιώδεις συγκεντρώσεις.

Οι κάτοικοι των χωρίων υπεδέχθησαν τον υποψήφιον με ζωηρά εκδηλώσεις υπέρ της Ενώσεως Κέντρου.

Ο υποψήφιος επεσκέφθη τα χωρία της περιφερείας του και ωμίλησεν εις ενθουσιώδεις συγκεντρώσεις.

ΕΝΘΟΥΣΙΑΣΜΟΣ ΕΙΣ ΟΛΗΝ ΤΗΝ ΒΟΡ. ΕΛΛΑΔΑ

ΠΟΛΥΓΥΡΟΣ, 6.— Ακρατάσχετος ενθουσιασμός επικρατεί εις όλην την Βόρειον Ελλάδα διά την Ένωσιν Κέντρου.

Εις όλας τας πόλεις και τα χωρία αι συγκεντρώσεις της Ενώσεως Κέντρου υπήρξαν πανηγυρικαί.

ΠΟΛΥΓΥΡΟΣ, 6.— Ακρατάσχετος ενθουσιασμός επικρατεί εις όλην την Βόρειον Ελλάδα διά την Ένωσιν Κέντρου.

Εις όλας τας πόλεις και τα χωρία αι συγκεντρώσεις της Ενώσεως Κέντρου υπήρξαν πανηγυρικαί.

ΠΟΛΥΓΥΡΟΣ, 6.— Ακρατάσχετος ενθουσιασμός επικρατεί εις όλην την Βόρειον Ελλάδα διά την Ένωσιν Κέντρου.

Εις όλας τας πόλεις και τα χωρία αι συγκεντρώσεις της Ενώσεως Κέντρου υπήρξαν πανηγυρικαί.

ΠΟΛΥΓΥΡΟΣ, 6.— Ακρατάσχετος ενθουσιασμός επικρατεί εις όλην την Βόρειον Ελλάδα διά την Ένωσιν Κέντρου.

Εις όλας τας πόλεις και τα χωρία αι συγκεντρώσεις της Ενώσεως Κέντρου υπήρξαν πανηγυρικαί.

ΕΙΣ ΤΟΝ ΝΟΜΟΝ ΠΕΛΛΗΣ

ΠΟΛΥΓΥΡΟΣ, 6.— Ακρατάσχετος ενθουσιασμός επικρατεί εις όλην την Βόρειον Ελλάδα διά την Ένωσιν Κέντρου.

Εις όλας τας πόλεις και τα χωρία αι συγκεντρώσεις της Ενώσεως Κέντρου υπήρξαν πανηγυρικαί.

ΠΟΛΥΓΥΡΟΣ, 6.— Ακρατάσχετος ενθουσιασμός επικρατεί εις όλην την Βόρειον Ελλάδα διά την Ένωσιν Κέντρου.

Εις όλας τας πόλεις και τα χωρία αι συγκεντρώσεις της Ενώσεως Κέντρου υπήρξαν πανηγυρικαί.

ΠΟΛΥΓΥΡΟΣ, 6.— Ακρατάσχετος ενθουσιασμός επικρατεί εις όλην την Βόρειον Ελλάδα διά την Ένωσιν Κέντρου.

Εις όλας τας πόλεις και τα χωρία αι συγκεντρώσεις της Ενώσεως Κέντρου υπήρξαν πανηγυρικαί.

ΠΟΛΥΓΥΡΟΣ, 6.— Ακρατάσχετος ενθουσιασμός επικρατεί εις όλην την Βόρειον Ελλάδα διά την Ένωσιν Κέντρου.

ΕΙΣ ΓΙΑΝΝΙΤΣΑ

ΠΟΛΥΓΥΡΟΣ, 6.— Ακρατάσχετος ενθουσιασμός επικρατεί εις όλην την Βόρειον Ελλάδα διά την Ένωσιν Κέντρου.

Εις όλας τας πόλεις και τα χωρία αι συγκεντρώσεις της Ενώσεως Κέντρου υπήρξαν πανηγυρικαί.

ΠΟΛΥΓΥΡΟΣ, 6.— Ακρατάσχετος ενθουσιασμός επικρατεί εις όλην την Βόρειον Ελλάδα διά την Ένωσιν Κέντρου.

Εις όλας τας πόλεις και τα χωρία αι συγκεντρώσεις της Ενώσεως Κέντρου υπήρξαν πανηγυρικαί.

ΕΙΣ ΤΟΝ ΝΟΜΟΝ ΚΟΖΑΝΗΣ

ΠΟΛΥΓΥΡΟΣ, 6.— Ακρατάσχετος ενθουσιασμός επικρατεί εις όλην την Βόρειον Ελλάδα διά την Ένωσιν Κέντρου.

Εις όλας τας πόλεις και τα χωρία αι συγκεντρώσεις της Ενώσεως Κέντρου υπήρξαν πανηγυρικαί.

ΠΟΛΥΓΥΡΟΣ, 6.— Ακρατάσχετος ενθουσιασμός επικρατεί εις όλην την Βόρειον Ελλάδα διά την Ένωσιν Κέντρου.

Εις όλας τας πόλεις και τα χωρία αι συγκεντρώσεις της Ενώσεως Κέντρου υπήρξαν πανηγυρικαί.

ΠΟΛΥΓΥΡΟΣ, 6.— Ακρατάσχετος ενθουσιασμός επικρατεί εις όλην την Βόρειον Ελλάδα διά την Ένωσιν Κέντρου.

ΟΙ ΕΡΓΑΤΑΙ ΤΗΣ ΥΦΑΝΤ ΕΥΧΑΡΙΣΤΟΥΝ ΤΟΝ κ. ΚΑΒΑΖΑΡΑΚΗ

ΠΟΛΥΓΥΡΟΣ, 6.— Ακρατάσχετος ενθουσιασμός επικρατεί εις όλην την Βόρειον Ελλάδα διά την Ένωσιν Κέντρου.

Εις όλας τας πόλεις και τα χωρία αι συγκεντρώσεις της Ενώσεως Κέντρου υπήρξαν πανηγυρικαί.

ΠΟΛΥΓΥΡΟΣ, 6.— Ακρατάσχετος ενθουσιασμός επικρατεί εις όλην την Βόρειον Ελλάδα διά την Ένωσιν Κέντρου.

Εις όλας τας πόλεις και τα χωρία αι συγκεντρώσεις της Ενώσεως Κέντρου υπήρξαν πανηγυρικαί.

ΠΟΛΥΓΥΡΟΣ, 6.— Ακρατάσχετος ενθουσιασμός επικρατεί εις όλην την Βόρειον Ελλάδα διά την Ένωσιν Κέντρου.

ΚΑΝΑΔΙΚΑ ΑΕΡΟΠΛΑΝΑ ΕΙΣ ΔΥΤ. ΓΕΡΜΑΝΙΑΝ

ΠΟΛΥΓΥΡΟΣ, 6.— Ακρατάσχετος ενθουσιασμός επικρατεί εις όλην την Βόρειον Ελλάδα διά την Ένωσιν Κέντρου.

Εις όλας τας πόλεις και τα χωρία αι συγκεντρώσεις της Ενώσεως Κέντρου υπήρξαν πανηγυρικαί.

ΠΟΛΥΓΥΡΟΣ, 6.— Ακρατάσχετος ενθουσιασμός επικρατεί εις όλην την Βόρειον Ελλάδα διά την Ένωσιν Κέντρου.

Εις όλας τας πόλεις και τα χωρία αι συγκεντρώσεις της Ενώσεως Κέντρου υπήρξαν πανηγυρικαί.

ΠΟΛΥΓΥΡΟΣ, 6.— Ακρατάσχετος ενθουσιασμός επικρατεί εις όλην την Βόρειον Ελλάδα διά την Ένωσιν Κέντρου.

Εις όλας τας πόλεις και τα χωρία αι συγκεντρώσεις της Ενώσεως Κέντρου υπήρξαν πανηγυρικαί.

ΕΙΣ ΤΗΝ ΞΑΝΘΗΝ

ΠΟΛΥΓΥΡΟΣ, 6.— Ακρατάσχετος ενθουσιασμός επικρατεί εις όλην την Βόρειον Ελλάδα διά την Ένωσιν Κέντρου.

Εις όλας τας πόλεις και τα χωρία αι συγκεντρώσεις της Ενώσεως Κέντρου υπήρξαν πανηγυρικαί.

ΠΟΛΥΓΥΡΟΣ, 6.— Ακρατάσχετος ενθουσιασμός επικρατεί εις όλην την Βόρειον Ελλάδα διά την Ένωσιν Κέντρου.

Εις όλας τας πόλεις και τα χωρία αι συγκεντρώσεις της Ενώσεως Κέντρου υπήρξαν πανηγυρικαί.

ΠΟΛΥΓΥΡΟΣ, 6.— Ακρατάσχετος ενθουσιασμός επικρατεί εις όλην την Βόρειον Ελλάδα διά την Ένωσιν Κέντρου.

Εις όλας τας πόλεις και τα χωρία αι συγκεντρώσεις της Ενώσεως Κέντρου υπήρξαν πανηγυρικαί.

ΠΟΛΥΓΥΡΟΣ, 6.— Ακρατάσχετος ενθουσιασμός επικρατεί εις όλην την Βόρειον Ελλάδα διά την Ένωσιν Κέντρου.

Εις όλας τας πόλεις και τα χωρία αι συγκεντρώσεις της Ενώσεως Κέντρου υπήρξαν πανηγυρικαί.

ΠΟΛΥΓΥΡΟΣ, 6.— Ακρατάσχετος ενθουσιασμός επικρατεί εις όλην την Βόρειον Ελλάδα διά την Ένωσιν Κέντρου.

Εις όλας τας πόλεις και τα χωρία αι συγκεντρώσεις της Ενώσεως Κέντρου υπήρξαν πανηγυρικαί.

ΠΟΛΥΓΥΡΟΣ, 6.— Ακρατάσχετος ενθουσιασμός επικρατεί εις όλην την Βόρειον Ελλάδα διά την Ένωσιν Κέντρου.

Εις όλας τας πόλεις και τα χωρία αι συγκεντρώσεις της Ενώσεως Κέντρου υπήρξαν πανηγυρικαί.

ΠΟΛΥΓΥΡΟΣ, 6.— Ακρατάσχετος ενθουσιασμός επικρατεί εις όλην την Βόρειον Ελλάδα διά την Ένωσιν Κέντρου.

Εις όλας τας πόλεις και τα χωρία αι συγκεντρώσεις της Ενώσεως Κέντρου υπήρξαν πανηγυρικαί.

ΠΟΛΥΓΥΡΟΣ, 6.— Ακρατάσχετος ενθουσιασμός επικρατεί εις όλην την Βόρειον Ελλάδα διά την Ένωσιν Κέντρου.

Εις όλας τας πόλεις και τα χωρία αι συγκεντρώσεις της Ενώσεως Κέντρου υπήρξαν πανηγυρικαί.

ΠΟΛΥΓΥΡΟΣ, 6.— Ακρατάσχετος ενθουσιασμός επικρατεί εις όλην την Βόρειον Ελλάδα διά την Ένωσιν Κέντρου.

Εις όλας τας πόλεις και τα χωρία αι συγκεντρώσεις της Ενώσεως Κέντρου υπήρξαν πανηγυρικαί.

ΠΟΛΥΓΥΡΟΣ, 6.— Ακρατάσχετος ενθουσιασμός επικρατεί εις όλην την Βόρειον Ελλάδα διά την Ένωσιν Κέντρου.

Εις όλας τας πόλεις και τα χωρία αι συγκεντρώσεις της Ενώσεως Κέντρου υπήρξαν πανηγυρικαί.

Ο κ. ΝΤΕ ΓΚΩΛ ΕΠΙΔΙΩΚΕΙ ΤΗΝ ΔΙΕΥΡΥΝΣΙΝ ΤΩΝ ΕΜΠΟΡΙΚΩΝ ΑΝΤΑΛΛΑΓΩΝ
ΜΕ ΤΑΣ ΧΩΡΑΣ ΤΟΥ ΜΠΛΟΚ ΚΑΙ ΤΗΣ ΚΙΝΑΣ

ΠΑΡΙΣΙΟΙ, 6. (Γαλλ. Πρακτ.).— Η Γαλλία και η Πολωνία υπέγραψαν νέαν εμπορικήν συμφωνίαν.

Ο στρατηγός Ντε Γκωλ επιδιώκει την διεύρυνσιν των εμπορικών ανταλλαγών με τας χώρας του ανατολικού μπλοκ.

ΠΑΡΙΣΙΟΙ, 6. (Γαλλ. Πρακτ.).— Η Γαλλία και η Πολωνία υπέγραψαν νέαν εμπορικήν συμφωνίαν.

Ο στρατηγός Ντε Γκωλ επιδιώκει την διεύρυνσιν των εμπορικών ανταλλαγών με τας χώρας του ανατολικού μπλοκ.

ΠΑΡΙΣΙΟΙ, 6. (Γαλλ. Πρακτ.).— Η Γαλλία και η Πολωνία υπέγραψαν νέαν εμπορικήν συμφωνίαν.

Ο στρατηγός Ντε Γκωλ επιδιώκει την διεύρυνσιν των εμπορικών ανταλλαγών με τας χώρας του ανατολικού μπλοκ.

ΠΑΡΙΣΙΟΙ, 6. (Γαλλ. Πρακτ.).— Η Γαλλία και η Πολωνία υπέγραψαν νέαν εμπορικήν συμφωνίαν.

Ο στρατηγός Ντε Γκωλ επιδιώκει την διεύρυνσιν των εμπορικών ανταλλαγών με τας χώρας του ανατολικού μπλοκ.

ΠΑΡΙΣΙΟΙ, 6. (Γαλλ. Πρακτ.).— Η Γαλλία και η Πολωνία υπέγραψαν νέαν εμπορικήν συμφωνίαν.

Ο στρατηγός Ντε Γκωλ επιδιώκει την διεύρυνσιν των εμπορικών ανταλλαγών με τας χώρας του ανατολικού μπλοκ.

ΠΑΡΙΣΙΟΙ, 6. (Γαλλ. Πρακτ.).— Η Γαλλία και η Πολωνία υπέγραψαν νέαν εμπορικήν συμφωνίαν.

Ο στρατηγός Ντε Γκωλ επιδιώκει την διεύρυνσιν των εμπορικών ανταλλαγών με τας χώρας του ανατολικού μπλοκ.

ΟΙ ΠΑΘΕΤ ΛΑΟ ΚΑΤΑΓΓΕΛΛΟΥΝ ΤΗΝ ΔΕΞΙΑΝ ΟΤΙ ΕΝΙΣΧΥΟΜΕΝΗ ΥΠΟ ΤΩΝ ΑΜΕΡΙΚΑΝΩΝ
ΠΑΡΑΒΙΑΖΕΙ ΤΗΝ ΣΥΜΦΩΝΙΑΝ ΑΝΑΚΩΧΗΣ

ΒΙΕΝΤΙΑΝΗ, 6. (Γαλλ. Πρακτ.).— Ο ραδιοφωνικός σταθμός των Πάθετ Λάο κατήγγειλε την δεξιάν.

ΒΙΕΝΤΙΑΝΗ, 6. (Γαλλ. Πρακτ.).— Ο ραδιοφωνικός σταθμός των Πάθετ Λάο κατήγγειλε την δεξιάν.

ΒΙΕΝΤΙΑΝΗ, 6. (Γαλλ. Πρακτ.).— Ο ραδιοφωνικός σταθμός των Πάθετ Λάο κατήγγειλε την δεξιάν.

ΒΙΕΝΤΙΑΝΗ, 6. (Γαλλ. Πρακτ.).— Ο ραδιοφωνικός σταθμός των Πάθετ Λάο κατήγγειλε την δεξιάν.

ΒΙΕΝΤΙΑΝΗ, 6. (Γαλλ. Πρακτ.).— Ο ραδιοφωνικός σταθμός των Πάθετ Λάο κατήγγειλε την δεξιάν.

ΒΙΕΝΤΙΑΝΗ, 6. (Γαλλ. Πρακτ.).— Ο ραδιοφωνικός σταθμός των Πάθετ Λάο κατήγγειλε την δεξιάν.

ΒΙΕΝΤΙΑΝΗ, 6. (Γαλλ. Πρακτ.).— Ο ραδιοφωνικός σταθμός των Πάθετ Λάο κατήγγειλε την δεξιάν.

ΒΙΕΝΤΙΑΝΗ, 6. (Γαλλ. Πρακτ.).— Ο ραδιοφωνικός σταθμός των Πάθετ Λάο κατήγγειλε την δεξιάν.

ΒΙΕΝΤΙΑΝΗ, 6. (Γαλλ. Πρακτ.).— Ο ραδιοφωνικός σταθμός των Πάθετ Λάο κατήγγειλε την δεξιάν.

ΒΙΕΝΤΙΑΝΗ, 6. (Γαλλ. Πρακτ.).— Ο ραδιοφωνικός σταθμός των Πάθετ Λάο κατήγγειλε την δεξιάν.

ΒΙΕΝΤΙΑΝΗ, 6. (Γαλλ. Πρακτ.).— Ο ραδιοφωνικός σταθμός των Πάθετ Λάο κατήγγειλε την δεξιάν.

ΒΙΕΝΤΙΑΝΗ, 6. (Γαλλ. Πρακτ.).— Ο ραδιοφωνικός σταθμός των Πάθετ Λάο κατήγγειλε την δεξιάν.

ΒΙΕΝΤΙΑΝΗ, 6. (Γαλλ. Πρακτ.).— Ο ραδιοφωνικός σταθμός των Πάθετ Λάο κατήγγειλε την δεξιάν.

ΒΙΕΝΤΙΑΝΗ, 6. (Γαλλ. Πρακτ.).— Ο ραδιοφωνικός σταθμός των Πάθετ Λάο κατήγγειλε την δεξιάν.

ΒΙΕΝΤΙΑΝΗ, 6. (Γαλλ. Πρακτ.).— Ο ραδιοφωνικός σταθμός των Πάθετ Λάο κατήγγειλε την δεξιάν.

ΟΙ ΛΙΜΕΝΕΡΓΑΤΑΙ ΤΩΝ ΗΝ. ΠΟΛΙΤΕΙΩΝ ΖΗΤΟΥΝ ΑΙ ΜΕΤΑΦΟΡΑΙ ΣΙΤΟΥ ΕΙΣ ΤΗΝ ΡΩΣΣΙΑΝ
ΝΑ ΔΙΕΝΕΡΓΟΥΝΤΑΙ ΑΠΟ ΑΜΕΡΙΚΑΝΙΚΑ ΠΛΟΙΑ

ΒΑΛΤΙΜΟΡΗ, 6.— Οι λιμενεργάται ζητούν όπως αι μεταφοραί σίτου διενεργούνται από αμερικανικά πλοία.

ΒΑΛΤΙΜΟΡΗ, 6.— Οι λιμενεργάται ζητούν όπως αι μεταφοραί σίτου διενεργούνται από αμερικανικά πλοία.

ΒΑΛΤΙΜΟΡΗ, 6.— Οι λιμενεργάται ζητούν όπως αι μεταφοραί σίτου διενεργούνται από αμερικανικά πλοία.

ΒΑΛΤΙΜΟΡΗ, 6.— Οι λιμενεργάται ζητούν όπως αι μεταφοραί σίτου διενεργούνται από αμερικανικά πλοία.

ΒΑΛΤΙΜΟΡΗ, 6.— Οι λιμενεργάται ζητούν όπως αι μεταφοραί σίτου διενεργούνται από αμερικανικά πλοία.

ΒΑΛΤΙΜΟΡΗ, 6.— Οι λιμενεργάται ζητούν όπως αι μεταφοραί σίτου διενεργούνται από αμερικανικά πλοία.

ΒΑΛΤΙΜΟΡΗ, 6.— Οι λιμενεργάται ζητούν όπως αι μεταφοραί σίτου διενεργούνται από αμερικανικά πλοία.

ΒΑΛΤΙΜΟΡΗ, 6.— Οι λιμενεργάται ζητούν όπως αι μεταφοραί σίτου διενεργούνται από αμερικανικά πλοία.

ΒΑΛΤΙΜΟΡΗ, 6.— Οι λιμενεργάται ζητούν όπως αι μεταφοραί σίτου διενεργούνται από αμερικανικά πλοία.

ΒΑΛΤΙΜΟΡΗ, 6.— Οι λιμενεργάται ζητούν όπως αι μεταφοραί σίτου διενεργούνται από αμερικανικά πλοία.

ΝΕΑΙ ΑΔΕΙΑΙ

ΒΑΛΤΙΜΟΡΗ, 6.— Οι λιμενεργάται ζητούν όπως αι μεταφοραί σίτου διενεργούνται από αμερικανικά πλοία.

ΒΑΛΤΙΜΟΡΗ, 6.— Οι λιμενεργάται ζητούν όπως αι μεταφοραί σίτου διενεργούνται από αμερικανικά πλοία.

ΦΗΜΟΛΟΓΕΙΤΑΙ ΟΤΙ Η ΕΘΝΙΚΙΣΤΙΚΗ ΚΙΝΑ ΜΕΤΕΒΙΒΑΣΕΝ ΕΙΣ ΤΗΝ «ΟΥΝΕΣΚΟ»
ΤΟ ΕΝ ΠΑΡΙΣΙΟΙΣ ΚΤΙΡΙΟΝ ΤΗΣ ΠΡΕΣΒΕΙΑΣ

ΠΑΡΙΣΙΟΙ, 6.— Φημολογείται ότι η Εθνικιστική Κίνα μετεβίβασε το κτίριον εις την ΟΥΝΕΣΚΟ.

ΠΑΡΙΣΙΟΙ, 6.— Φημολογείται ότι η Εθνικιστική Κίνα μετεβίβασε το κτίριον εις την ΟΥΝΕΣΚΟ.

ΠΑΡΙΣΙΟΙ, 6.— Φημολογείται ότι η Εθνικιστική Κίνα μετεβίβασε το κτίριον εις την ΟΥΝΕΣΚΟ.

ΠΑΡΙΣΙΟΙ, 6.— Φημολογείται ότι η Εθνικιστική Κίνα μετεβίβασε το κτίριον εις την ΟΥΝΕΣΚΟ.

ΠΑΡΙΣΙΟΙ, 6.— Φημολογείται ότι η Εθνικιστική Κίνα μετεβίβασε το κτίριον εις την ΟΥΝΕΣΚΟ.

ΠΑΡΙΣΙΟΙ, 6.— Φημολογείται ότι η Εθνικιστική Κίνα μετεβίβασε το κτίριον εις την ΟΥΝΕΣΚΟ.

ΠΑΡΙΣΙΟΙ, 6.— Φημολογείται ότι η Εθνικιστική Κίνα μετεβίβασε το κτίριον εις την ΟΥΝΕΣΚΟ.

ΠΑΡΙΣΙΟΙ, 6.— Φημολογείται ότι η Εθνικιστική Κίνα μετεβίβασε το κτίριον εις την ΟΥΝΕΣΚΟ.

ΠΑΡΙΣΙΟΙ, 6.— Φημολογείται ότι η Εθνικιστική Κίνα μετεβίβασε το κτίριον εις την ΟΥΝΕΣΚΟ.

ΠΑΡΙΣΙΟΙ, 6.— Φημολογείται ότι η Εθνικιστική Κίνα μετεβίβασε το κτίριον εις την ΟΥΝΕΣΚΟ.

ΠΑΡΙΣΙΟΙ, 6.— Φημολογείται ότι η Εθνικιστική Κίνα μετεβίβασε το κτίριον εις την ΟΥΝΕΣΚΟ.

ΠΑΡΙΣΙΟΙ, 6.— Φημολογείται ότι η Εθνικιστική Κίνα μετεβίβασε το κτίριον εις την ΟΥΝΕΣΚΟ.

ΠΑΡΙΣΙΟΙ, 6.— Φημολογείται ότι η Εθνικιστική Κίνα μετεβίβασε το κτίριον εις την ΟΥΝΕΣΚΟ.

ΑΜΕΡΙΚΑΝΟΣ «ΕΡΓΑΤΟΠΑΤΕΡΑΣ» ΕΠΕΧΕΙΡΗΣΕ ΝΑ ΔΩΡΟΔΟΚΗΣΗ ΤΟΥΣ ΕΝΟΡΚΟΥΣ
ΤΟΥ ΔΙΚΑΣΤΗΡΙΟΥ ΕΙΣ ΤΟ ΟΠΟΙΟΝ ΕΔΙΚΑΖΕΤΟ

ΤΣΑΤΤΑΝΟΥΓΚΑ, Τέννεσση 6.— Ο συνδικαλιστής ηγέτης κατηγορείται ότι επεχείρησε να δωροδοκήση τους ενόρκους.

ΤΣΑΤΤΑΝΟΥΓΚΑ, Τέννεσση 6.— Ο συνδικαλιστής ηγέτης κατηγορείται ότι επεχείρησε να δωροδοκήση τους ενόρκους.

ΤΣΑΤΤΑΝΟΥΓΚΑ, Τέννεσση 6.— Ο συνδικαλιστής ηγέτης κατηγορείται ότι επεχείρησε να δωροδοκήση τους ενόρκους.

ΤΣΑΤΤΑΝΟΥΓΚΑ, Τέννεσση 6.— Ο συνδικαλιστής ηγέτης κατηγορείται ότι επεχείρησε να δωροδοκήση τους ενόρκους.

ΤΣΑΤΤΑΝΟΥΓΚΑ, Τέννεσση 6.— Ο συνδικαλιστής ηγέτης κατηγορείται ότι επεχείρησε να δωροδοκήση τους ενόρκους.

ΤΣΑΤΤΑΝΟΥΓΚΑ, Τέννεσση 6.— Ο συνδικαλιστής ηγέτης κατηγορείται ότι επεχείρησε να δωροδοκήση τους ενόρκους.

ΤΣΑΤΤΑΝΟΥΓΚΑ, Τέννεσση 6.— Ο συνδικαλιστής ηγέτης κατηγορείται ότι επεχείρησε να δωροδοκήση τους ενόρκους.

ΤΣΑΤΤΑΝΟΥΓΚΑ, Τέννεσση 6.— Ο συνδικαλιστής ηγέτης κατηγορείται ότι επεχείρησε να δωροδοκήση τους ενόρκους.

ΤΣΑΤΤΑΝΟΥΓΚΑ, Τέννεσση 6.— Ο συνδικαλιστής ηγέτης κατηγορείται ότι επεχείρησε να δωροδοκήση τους ενόρκους.

ΑΠΕΙΛΕΙΤΑΙ Η ΥΓΕΙΑ ΤΩΝ ΚΩΝΣΤΑΝΤΙΝΟΥΠΟΛΙΤΩΝ
ΛΟΓΩ ΠΡΟΣΦΟΡΑΣ ΤΟΥΣ ΑΓΕΛΑΔΩΝ ΕΚ ΦΥΜΑΤΙΩΣΕΩΣ

ΚΩΝΣΤΑΝΤΙΝΟΥΠΟΛΙΣ, 6.— Απειλείται η υγεία των κατοίκων της πόλεως.

ΚΩΝΣΤΑΝΤΙΝΟΥΠΟΛΙΣ, 6.— Απειλείται η υγεία των κατοίκων της πόλεως.

ΚΩΝΣΤΑΝΤΙΝΟΥΠΟΛΙΣ, 6.— Απειλείται η υγεία των κατοίκων της πόλεως.

ΚΩΝΣΤΑΝΤΙΝΟΥΠΟΛΙΣ, 6.— Απειλείται η υγεία των κατοίκων της πόλεως.

ΚΩΝΣΤΑΝΤΙΝΟΥΠΟΛΙΣ, 6.— Απειλείται η υγεία των κατοίκων της πόλεως.

ΚΩΝΣΤΑΝΤΙΝΟΥΠΟΛΙΣ, 6.— Απειλείται η υγεία των κατοίκων της πόλεως.

ΚΩΝΣΤΑΝΤΙΝΟΥΠΟΛΙΣ, 6.— Απειλείται η υγεία των κατοίκων της πόλεως.

ΚΩΝΣΤΑΝΤΙΝΟΥΠΟΛΙΣ, 6.— Απειλείται η υγεία των κατοίκων της πόλεως.

ΚΩΝΣΤΑΝΤΙΝΟΥΠΟΛΙΣ, 6.— Απειλείται η υγεία των κατοίκων της πόλεως.

ΚΩΝΣΤΑΝΤΙΝΟΥΠΟΛΙΣ, 6.— Απειλείται η υγεία των κατοίκων της πόλεως.

ΚΩΝΣΤΑΝΤΙΝΟΥΠΟΛΙΣ, 6.— Απειλείται η υγεία των κατοίκων της πόλεως.

ΚΩΝΣΤΑΝΤΙΝΟΥΠΟΛΙΣ, 6.— Απειλείται η υγεία των κατοίκων της πόλεως.

ΚΩΝΣΤΑΝΤΙΝΟΥΠΟΛΙΣ, 6.— Απειλείται η υγεία των κατοίκων της πόλεως.

ΜΕΓΑΛΗ ΕΠΙΤΥΧΙΑ, ΤΟΝΙΖΕΙ ΤΟ ΠΕΚΙΝΟΝ, ΤΟ ΤΑΞΙΔΙΟΝ ΤΟΥ ΤΣΟΥ ΕΝ ΛΑΙ ΕΙΣ ΑΦΡΙΚΗΝ

ΠΕΚΙΝΟΝ, 6. (Ρόιτερ).— Η κομμουνιστική Κίνα τονίζει την μεγάλην επιτυχίαν του ταξιδίου.

ΠΕΚΙΝΟΝ, 6. (Ρόιτερ).— Η κομμουνιστική Κίνα τονίζει την μεγάλην επιτυχίαν του ταξιδίου.

ΠΕΚΙΝΟΝ, 6. (Ρόιτερ).— Η κομμουνιστική Κίνα τονίζει την μεγάλην επιτυχίαν του ταξιδίου.

ΠΕΚΙΝΟΝ, 6. (Ρόιτερ).— Η κομμουνιστική Κίνα τονίζει την μεγάλην επιτυχίαν του ταξιδίου.

ΠΕΚΙΝΟΝ, 6. (Ρόιτερ).— Η κομμουνιστική Κίνα τονίζει την μεγάλην επιτυχίαν του ταξιδίου.

ΠΕΚΙΝΟΝ, 6. (Ρόιτερ).— Η κομμουνιστική Κίνα τονίζει την μεγάλην επιτυχίαν του ταξιδίου.

ΠΕΚΙΝΟΝ, 6. (Ρόιτερ).— Η κομμουνιστική Κίνα τονίζει την μεγάλην επιτυχίαν του ταξιδίου.

ΠΕΚΙΝΟΝ, 6. (Ρόιτερ).— Η κομμουνιστική Κίνα τονίζει την μεγάλην επιτυχίαν του ταξιδίου.

ΠΕΚΙΝΟΝ, 6. (Ρόιτερ).— Η κομμουνιστική Κίνα τονίζει την μεγάλην επιτυχίαν του ταξιδίου.

ΠΕΚΙΝΟΝ, 6. (Ρόιτερ).— Η κομμουνιστική Κίνα τονίζει την μεγάλην επιτυχίαν του ταξιδίου.

ΠΕΚΙΝΟΝ, 6. (Ρόιτερ).— Η κομμουνιστική Κίνα τονίζει την μεγάλην επιτυχίαν του ταξιδίου.

ΠΕΚΙΝΟΝ, 6. (Ρόιτερ).— Η κομμουνιστική Κίνα τονίζει την μεγάλην επιτυχίαν του ταξιδίου.

ΠΕΚΙΝΟΝ, 6. (Ρόιτερ).— Η κομμουνιστική Κίνα τονίζει την μεγάλην επιτυχίαν του ταξιδίου.

ΑΝΤΑΜ ΚΕΛΕΤ ΛΟΝΓΚ
ΑΝΑΚΟΙΝΩΣΙΣ ΤΗΣ Ε.Δ.Α. ΔΙΑ ΤΑ ΕΠΕΙΣΟΔΙΑ ΕΙΣ ΒΑΡΟΣ ΤΟΥ ΕΜΜ. ΓΛΕΖΟΥ ΕΙΣ ΦΛΩΡΙΝΑΝ

ΑΘΗΝΑΙ, 6.— Η ΕΔΑ εξέδωσε ανακοίνωσιν διά τα επεισόδια εις βάρος του Εμμ. Γλέζου.

Κατά την ανακοίνωσιν οι υπεύθυνοι των επεισοδίων πρέπει να τιμωρηθούν παραδειγματικώς.

ΑΘΗΝΑΙ, 6.— Η ΕΔΑ εξέδωσε ανακοίνωσιν διά τα επεισόδια εις βάρος του Εμμ. Γλέζου.

Κατά την ανακοίνωσιν οι υπεύθυνοι των επεισοδίων πρέπει να τιμωρηθούν παραδειγματικώς.

ΑΘΗΝΑΙ, 6.— Η ΕΔΑ εξέδωσε ανακοίνωσιν διά τα επεισόδια εις βάρος του Εμμ. Γλέζου.

Κατά την ανακοίνωσιν οι υπεύθυνοι των επεισοδίων πρέπει να τιμωρηθούν παραδειγματικώς.

ΑΘΗΝΑΙ, 6.— Η ΕΔΑ εξέδωσε ανακοίνωσιν διά τα επεισόδια εις βάρος του Εμμ. Γλέζου.

Κατά την ανακοίνωσιν οι υπεύθυνοι των επεισοδίων πρέπει να τιμωρηθούν παραδειγματικώς.

ΑΘΗΝΑΙ, 6.— Η ΕΔΑ εξέδωσε ανακοίνωσιν διά τα επεισόδια εις βάρος του Εμμ. Γλέζου.

Κατά την ανακοίνωσιν οι υπεύθυνοι των επεισοδίων πρέπει να τιμωρηθούν παραδειγματικώς.

ΑΘΗΝΑΙ, 6.— Η ΕΔΑ εξέδωσε ανακοίνωσιν διά τα επεισόδια εις βάρος του Εμμ. Γλέζου.

Κατά την ανακοίνωσιν οι υπεύθυνοι των επεισοδίων πρέπει να τιμωρηθούν παραδειγματικώς.

ΑΘΗΝΑΙ, 6.— Η ΕΔΑ εξέδωσε ανακοίνωσιν διά τα επεισόδια εις βάρος του Εμμ. Γλέζου.

Κατά την ανακοίνωσιν οι υπεύθυνοι των επεισοδίων πρέπει να τιμωρηθούν παραδειγματικώς.

ΑΘΗΝΑΙ, 6.— Η ΕΔΑ εξέδωσε ανακοίνωσιν διά τα επεισόδια εις βάρος του Εμμ. Γλέζου.

Κατά την ανακοίνωσιν οι υπεύθυνοι των επεισοδίων πρέπει να τιμωρηθούν παραδειγματικώς.

ΑΘΗΝΑΙ, 6.— Η ΕΔΑ εξέδωσε ανακοίνωσιν διά τα επεισόδια εις βάρος του Εμμ. Γλέζου.

Κατά την ανακοίνωσιν οι υπεύθυνοι των επεισοδίων πρέπει να τιμωρηθούν παραδειγματικώς.

ΑΘΗΝΑΙ, 6.— Η ΕΔΑ εξέδωσε ανακοίνωσιν διά τα επεισόδια εις βάρος του Εμμ. Γλέζου.

Κατά την ανακοίνωσιν οι υπεύθυνοι των επεισοδίων πρέπει να τιμωρηθούν παραδειγματικώς.

ΑΘΗΝΑΙ, 6.— Η ΕΔΑ εξέδωσε ανακοίνωσιν διά τα επεισόδια εις βάρος του Εμμ. Γλέζου.

Κατά την ανακοίνωσιν οι υπεύθυνοι των επεισοδίων πρέπει να τιμωρηθούν παραδειγματικώς.

ΑΘΗΝΑΙ, 6.— Η ΕΔΑ εξέδωσε ανακοίνωσιν διά τα επεισόδια εις βάρος του Εμμ. Γλέζου.
